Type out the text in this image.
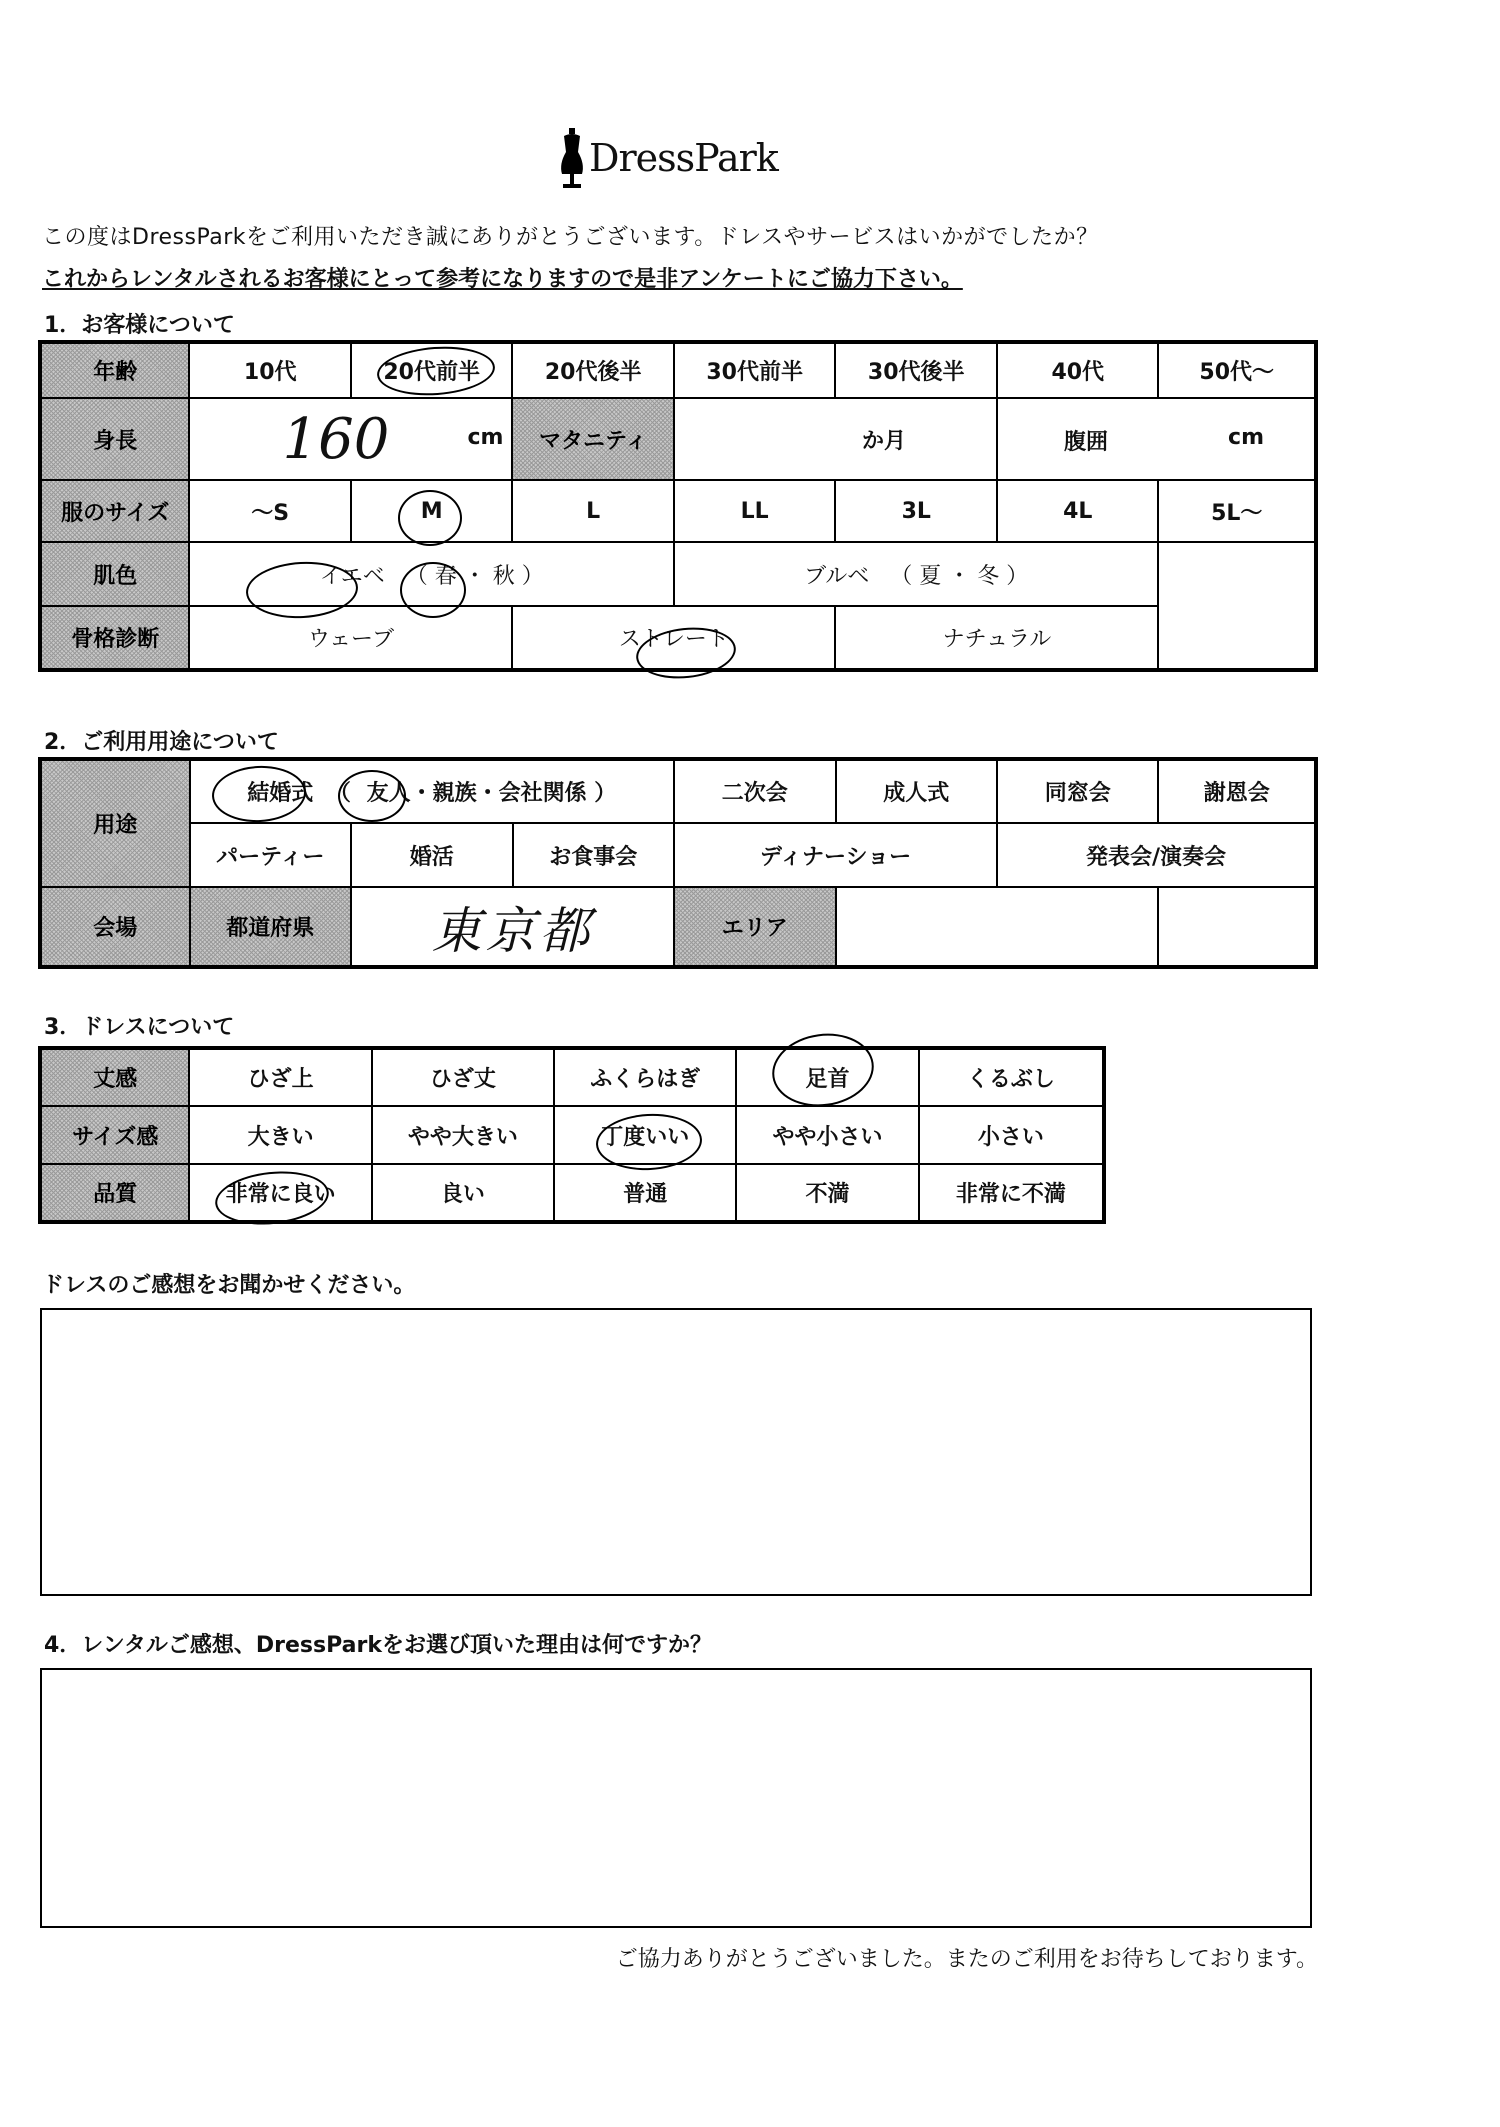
DressPark
この度はDressParkをご利用いただき誠にありがとうございます。ドレスやサービスはいかがでしたか？
これからレンタルされるお客様にとって参考になりますので是非アンケートにご協力下さい。
1．お客様について
年齢	10代	20代前半	20代後半	30代前半	30代後半	40代	50代～
身長	160 cm		マタニティ	か月		腹囲 cm	

服のサイズ	～S	M	L	LL	3L	4L	5L～
肌色	イエベ （ 春 ・ 秋 ）			ブルベ （ 夏 ・ 冬 ）			
骨格診断	ウェーブ		ストレート		ナチュラル		
2．ご利用用途について
用途	結婚式 （ 友人・親族・会社関係 ）			二次会	成人式	同窓会	謝恩会
	パーティー	婚活	お食事会	ディナーショー		発表会/演奏会	
会場	都道府県	東京都		エリア			
3．ドレスについて
丈感	ひざ上	ひざ丈	ふくらはぎ	足首	くるぶし
サイズ感	大きい	やや大きい	丁度いい	やや小さい	小さい
品質	非常に良い	良い	普通	不満	非常に不満
ドレスのご感想をお聞かせください。
4．レンタルご感想、DressParkをお選び頂いた理由は何ですか？
ご協力ありがとうございました。またのご利用をお待ちしております。
